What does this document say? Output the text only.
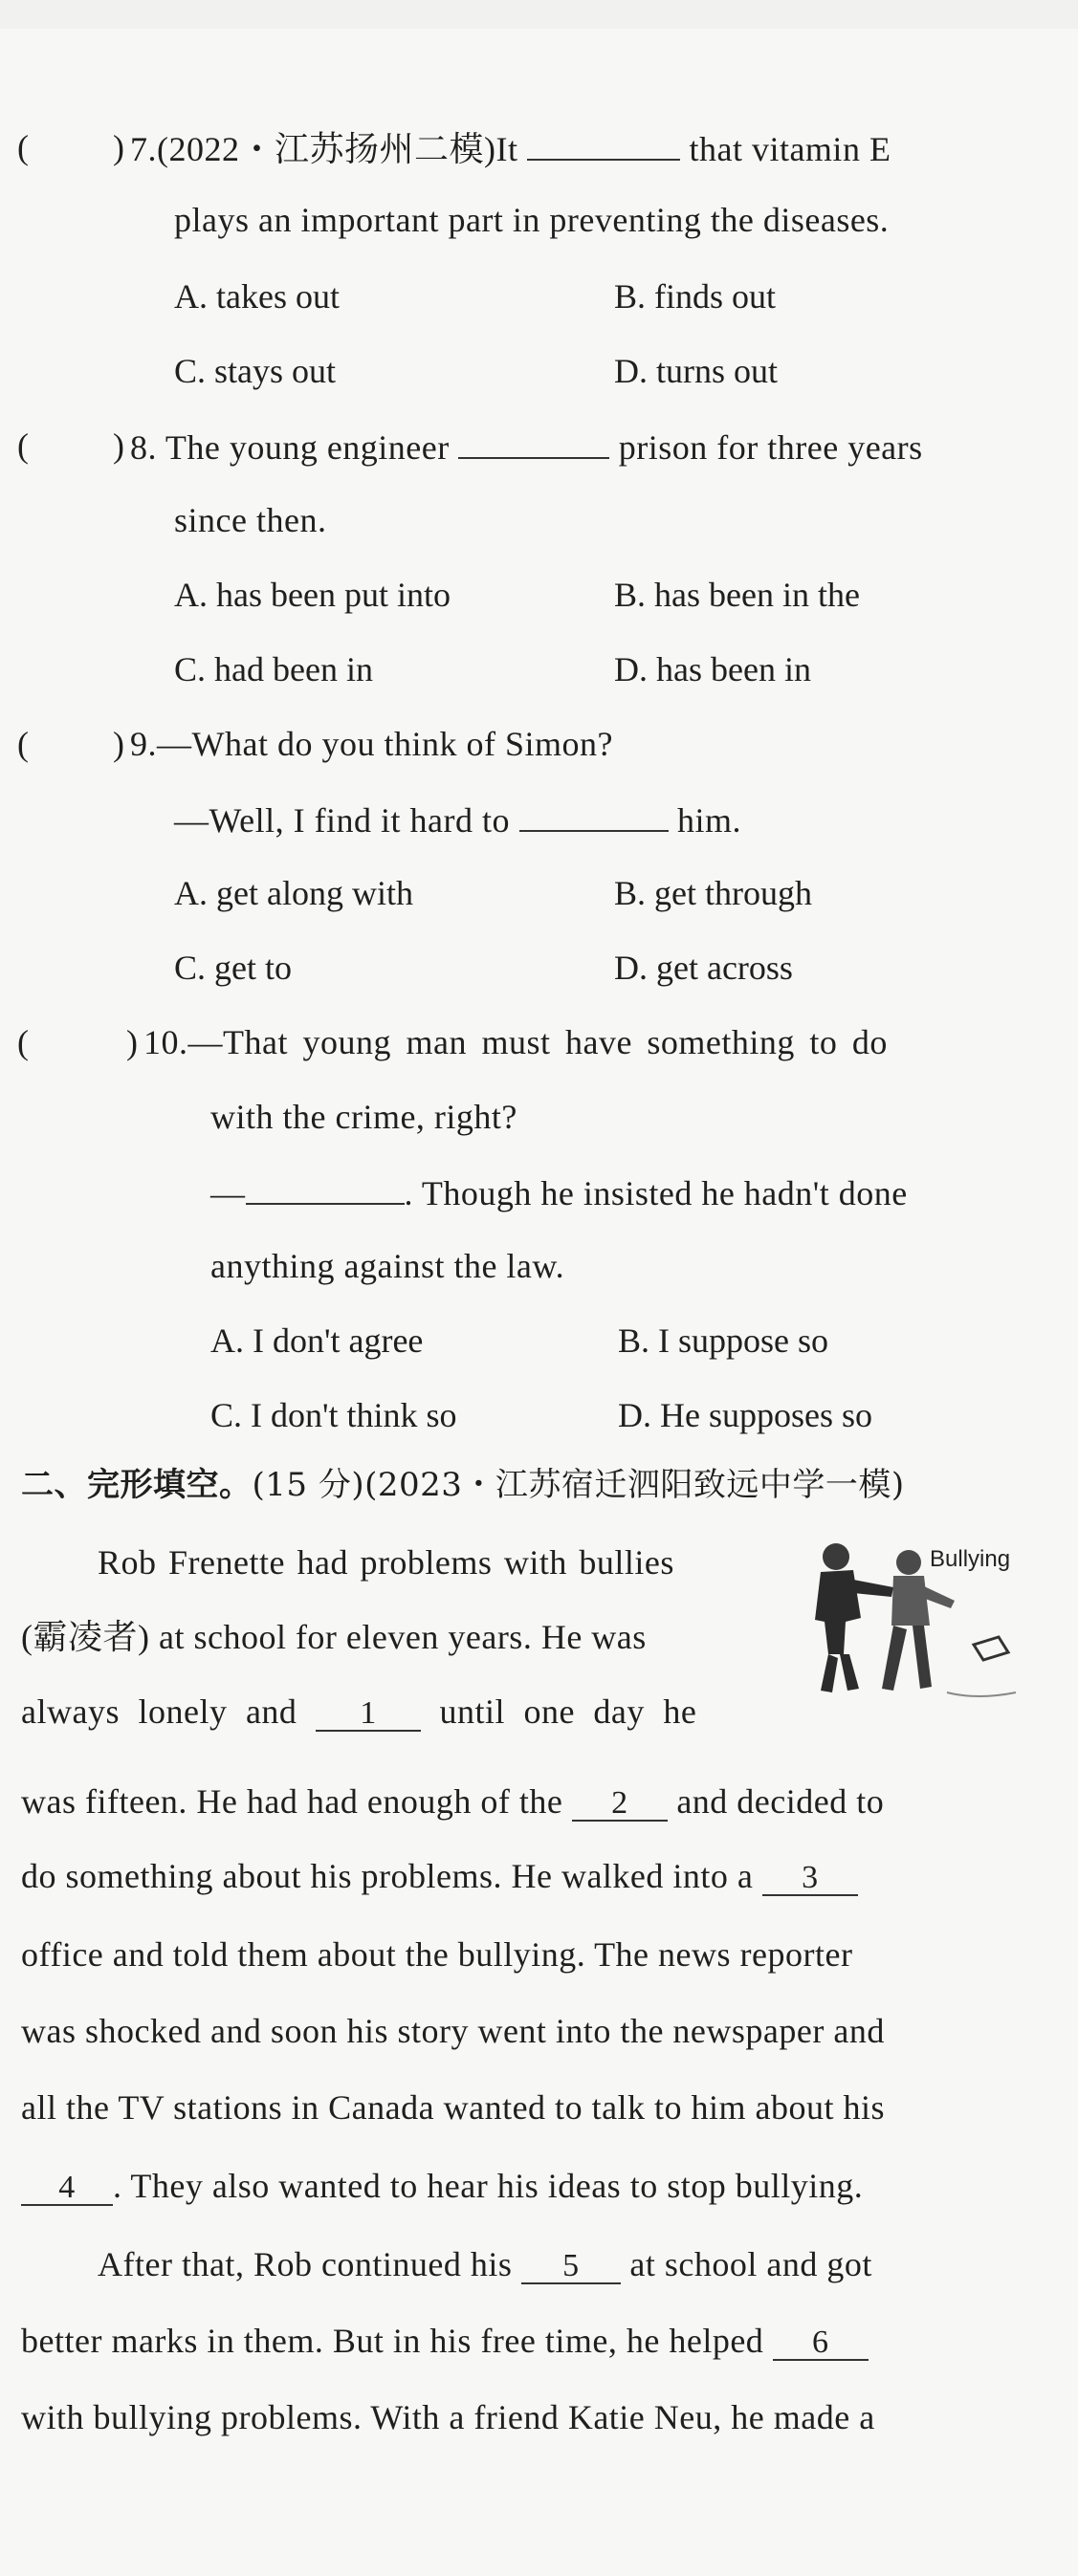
( ) 7.(2022・江苏扬州二模)It	that vitamin E
plays an important part in preventing the diseases.
A. takes out	B. finds out
C. stays out	D. turns out
( ) 8. The young engineer	prison for three years
since then.
A. has been put into	B. has been in the
C. had been in	D. has been in
( ) 9.—What do you think of Simon?
—Well, I find it hard to	him.
A. get along with	B. get through
C. get to	D. get across
(	) 10.—That young man must have something to do
with the crime, right?
—	. Though he insisted he hadn't done
anything against the law.
A. I don't agree	B. I suppose so
C. I don't think so	D. He supposes so
二、完形填空。(15 分)(2023・江苏宿迁泗阳致远中学一模)
Bullying
Rob Frenette had problems with bullies
(霸凌者) at school for eleven years. He was
always lonely and 1 until one day he
was fifteen. He had had enough of the 2 and decided to
do something about his problems. He walked into a 3
office and told them about the bullying. The news reporter
was shocked and soon his story went into the newspaper and
all the TV stations in Canada wanted to talk to him about his
4 . They also wanted to hear his ideas to stop bullying.
After that, Rob continued his 5 at school and got
better marks in them. But in his free time, he helped 6
with bullying problems. With a friend Katie Neu, he made a
